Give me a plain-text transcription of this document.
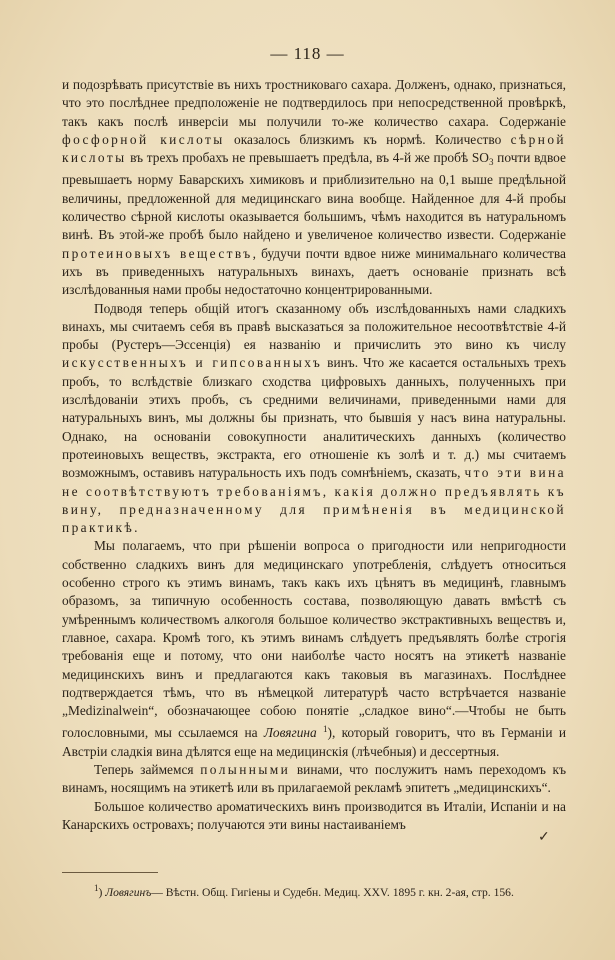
— 118 —

и подозрѣвать присутствіе въ нихъ тростниковаго сахара. Долженъ, однако, признаться, что это послѣднее предположеніе не подтвердилось при непосредственной провѣркѣ, такъ какъ послѣ инверсіи мы получили то-же количество сахара. Содержаніе фосфорной кислоты оказалось близкимъ къ нормѣ. Количество сѣрной кислоты въ трехъ пробахъ не превышаетъ предѣла, въ 4-й же пробѣ $SO_3$ почти вдвое превышаетъ норму Баварскихъ химиковъ и приблизительно на 0,1 выше предѣльной величины, предложенной для медицинскаго вина вообще. Найденное для 4-й пробы количество сѣрной кислоты оказывается большимъ, чѣмъ находится въ натуральномъ винѣ. Въ этой-же пробѣ было найдено и увеличеное количество извести. Содержаніе протеиновыхъ веществъ, будучи почти вдвое ниже минимальнаго количества ихъ въ приведенныхъ натуральныхъ винахъ, даетъ основаніе признать всѣ изслѣдованныя нами пробы недостаточно концентрированными.

Подводя теперь общій итогъ сказанному объ изслѣдованныхъ нами сладкихъ винахъ, мы считаемъ себя въ правѣ высказаться за положительное несоотвѣтствіе 4-й пробы (Рустеръ—Эссенція) ея названію и причислить это вино къ числу искусственныхъ и гипсованныхъ винъ. Что же касается остальныхъ трехъ пробъ, то вслѣдствіе близкаго сходства цифровыхъ данныхъ, полученныхъ при изслѣдованіи этихъ пробъ, съ средними величинами, приведенными нами для натуральныхъ винъ, мы должны бы признать, что бывшія у насъ вина натуральны. Однако, на основаніи совокупности аналитическихъ данныхъ (количество протеиновыхъ веществъ, экстракта, его отношеніе къ золѣ и т. д.) мы считаемъ возможнымъ, оставивъ натуральность ихъ подъ сомнѣніемъ, сказать, что эти вина не соотвѣтствуютъ требованіямъ, какія должно предъявлять къ вину, предназначенному для примѣненія въ медицинской практикѣ.

Мы полагаемъ, что при рѣшеніи вопроса о пригодности или непригодности собственно сладкихъ винъ для медицинскаго употребленія, слѣдуетъ относиться особенно строго къ этимъ винамъ, такъ какъ ихъ цѣнятъ въ медицинѣ, главнымъ образомъ, за типичную особенность состава, позволяющую давать вмѣстѣ съ умѣреннымъ количествомъ алкоголя большое количество экстрактивныхъ веществъ и, главное, сахара. Кромѣ того, къ этимъ винамъ слѣдуетъ предъявлять болѣе строгія требованія еще и потому, что они наиболѣе часто носятъ на этикетѣ названіе медицинскихъ винъ и предлагаются какъ таковыя въ магазинахъ. Послѣднее подтверждается тѣмъ, что въ нѣмецкой литературѣ часто встрѣчается названіе „Medizinalwein“, обозначающее собою понятіе „сладкое вино“.—Чтобы не быть голословными, мы ссылаемся на Ловягина $^1$), который говоритъ, что въ Германіи и Австріи сладкія вина дѣлятся еще на медицинскія (лѣчебныя) и дессертныя.

Теперь займемся полынными винами, что послужитъ намъ переходомъ къ винамъ, носящимъ на этикетѣ или въ прилагаемой рекламѣ эпитетъ „медицинскихъ“.

Большое количество ароматическихъ винъ производится въ Италіи, Испаніи и на Канарскихъ островахъ; получаются эти вины настаиваніемъ

✓

$^1$) Ловягинъ— Вѣстн. Общ. Гигіены и Судебн. Медиц. XXV. 1895 г. кн. 2-ая, стр. 156.
